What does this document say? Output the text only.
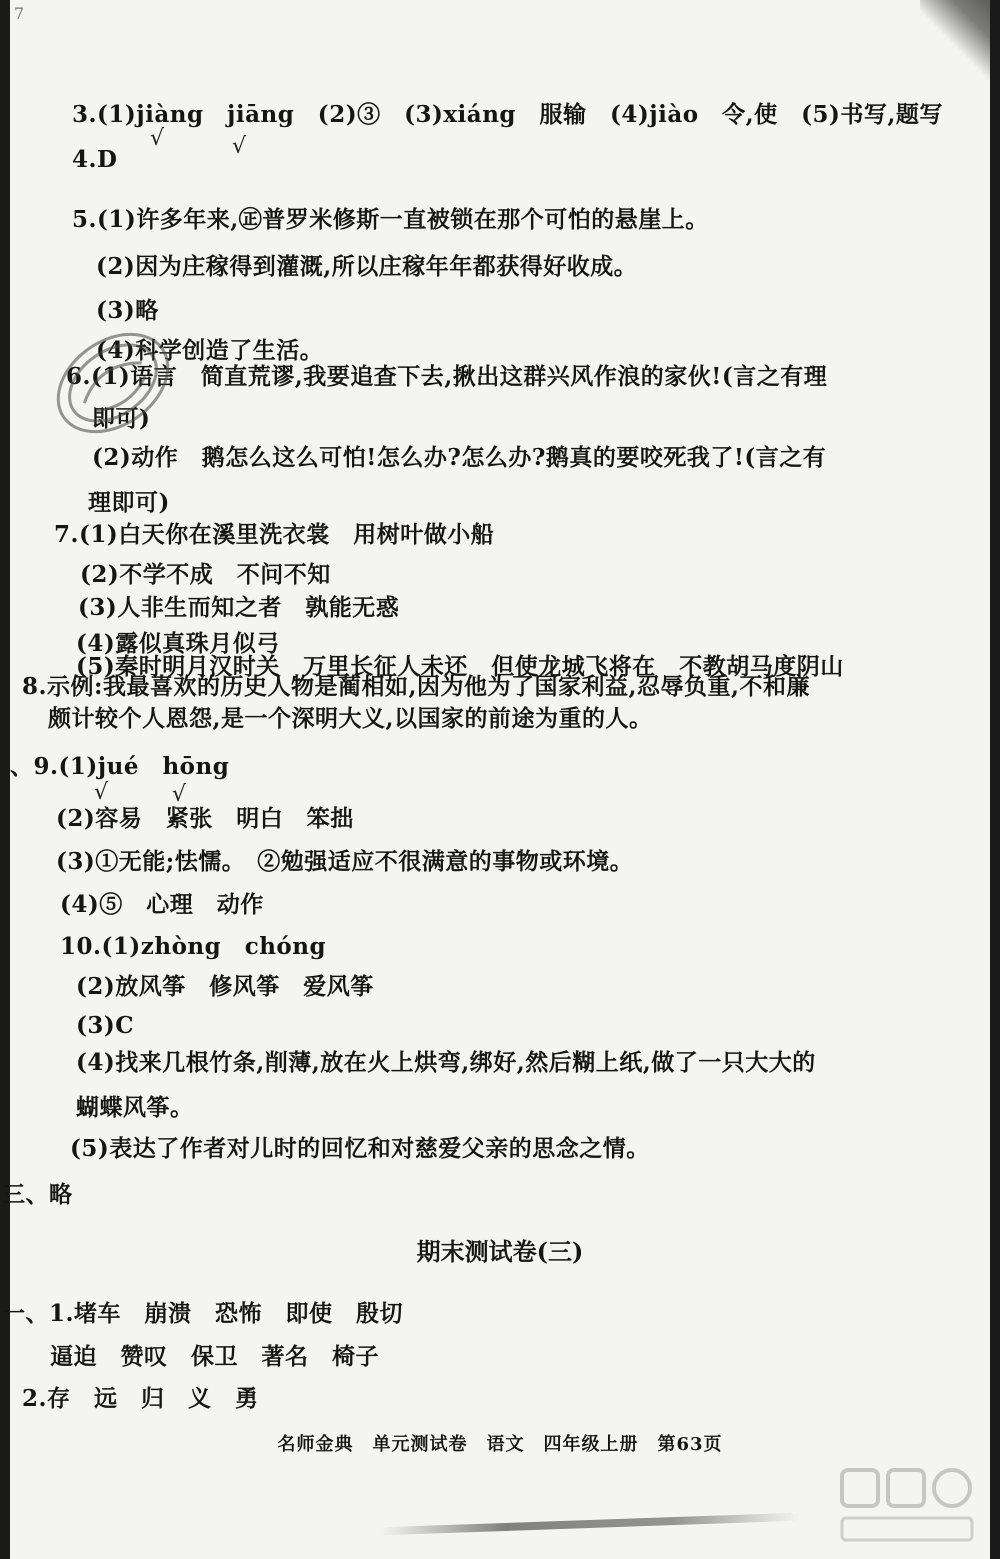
7
3.(1)jiàng　jiāng　(2)③　(3)xiáng　服输　(4)jiào　令,使　(5)书写,题写
4.D
5.(1)许多年来,㊣普罗米修斯一直被锁在那个可怕的悬崖上。
(2)因为庄稼得到灌溉,所以庄稼年年都获得好收成。
(3)略
(4)科学创造了生活。
6.(1)语言　简直荒谬,我要追查下去,揪出这群兴风作浪的家伙!(言之有理
即可)
(2)动作　鹅怎么这么可怕!怎么办?怎么办?鹅真的要咬死我了!(言之有
理即可)
7.(1)白天你在溪里洗衣裳　用树叶做小船
(2)不学不成　不问不知
(3)人非生而知之者　孰能无惑
(4)露似真珠月似弓
(5)秦时明月汉时关　万里长征人未还　但使龙城飞将在　不教胡马度阴山
8.示例:我最喜欢的历史人物是蔺相如,因为他为了国家利益,忍辱负重,不和廉
颇计较个人恩怨,是一个深明大义,以国家的前途为重的人。
、9.(1)jué　hōng
(2)容易　紧张　明白　笨拙
(3)①无能;怯懦。　②勉强适应不很满意的事物或环境。
(4)⑤　心理　动作
10.(1)zhòng　chóng
(2)放风筝　修风筝　爱风筝
(3)C
(4)找来几根竹条,削薄,放在火上烘弯,绑好,然后糊上纸,做了一只大大的
蝴蝶风筝。
(5)表达了作者对儿时的回忆和对慈爱父亲的思念之情。
三、略
一、1.堵车　崩溃　恐怖　即使　殷切
逼迫　赞叹　保卫　著名　椅子
2.存　远　归　义　勇
√	√
√	√
期末测试卷(三)
名师金典　单元测试卷　语文　四年级上册　第63页
